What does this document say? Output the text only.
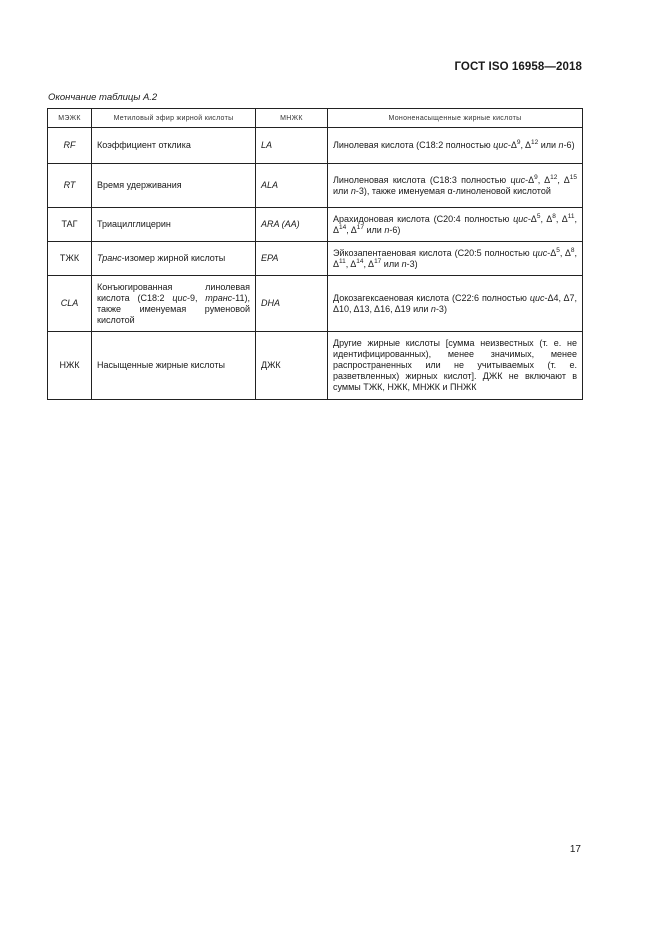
ГОСТ ISO 16958—2018
Окончание таблицы А.2
МЭЖК	Метиловый эфир жирной кислоты	МНЖК	Мононенасыщенные жирные кислоты
RF	Коэффициент отклика	LA	Линолевая кислота (С18:2 полностью цис-$\Delta^9$, $\Delta^{12}$ или n-6)
RT	Время удерживания	ALA	Линоленовая кислота (С18:3 полностью цис-$\Delta^9$, $\Delta^{12}$, $\Delta^{15}$ или n-3), также именуемая α-линоленовой кислотой
ТАГ	Триацилглицерин	ARA (AA)	Арахидоновая кислота (С20:4 полностью цис-$\Delta^5$, $\Delta^8$, $\Delta^{11}$, $\Delta^{14}$, $\Delta^{17}$ или n-6)
ТЖК	Транс-изомер жирной кислоты	EPA	Эйкозапентаеновая кислота (С20:5 полностью цис-$\Delta^5$, $\Delta^8$, $\Delta^{11}$, $\Delta^{14}$, $\Delta^{17}$ или n-3)
CLA	Конъюгированная линолевая кислота (С18:2 цис-9, транс-11), также именуемая руменовой кислотой	DHA	Докозагексаеновая кислота (С22:6 полностью цис-Δ4, Δ7, Δ10, Δ13, Δ16, Δ19 или n-3)
НЖК	Насыщенные жирные кислоты	ДЖК	Другие жирные кислоты [сумма неизвестных (т. е. не идентифицированных), менее значимых, менее распространенных или не учитываемых (т. е. разветвленных) жирных кислот]. ДЖК не включают в суммы ТЖК, НЖК, МНЖК и ПНЖК
17
